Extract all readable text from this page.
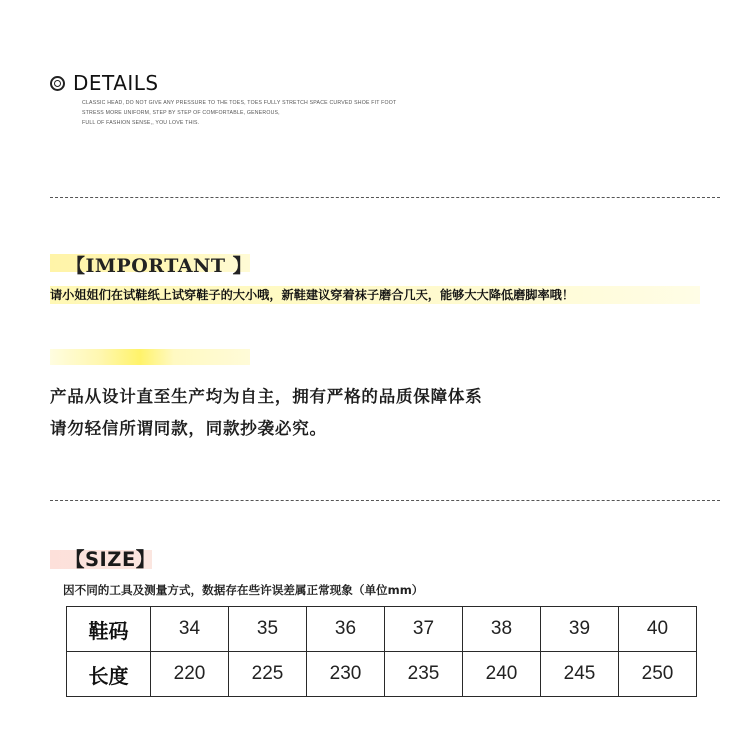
DETAILS
CLASSIC HEAD, DO NOT GIVE ANY PRESSURE TO THE TOES, TOES FULLY STRETCH SPACE CURVED SHOE FIT FOOT
STRESS MORE UNIFORM, STEP BY STEP OF COMFORTABLE, GENEROUS,
FULL OF FASHION SENSE,, YOU LOVE THIS.
【IMPORTANT 】
请小姐姐们在试鞋纸上试穿鞋子的大小哦，新鞋建议穿着袜子磨合几天，能够大大降低磨脚率哦！
产品从设计直至生产均为自主，拥有严格的品质保障体系
请勿轻信所谓同款，同款抄袭必究。
【SIZE】
因不同的工具及测量方式，数据存在些许误差属正常现象（单位mm）
鞋码	34	35	36	37	38	39	40
长度	220	225	230	235	240	245	250
